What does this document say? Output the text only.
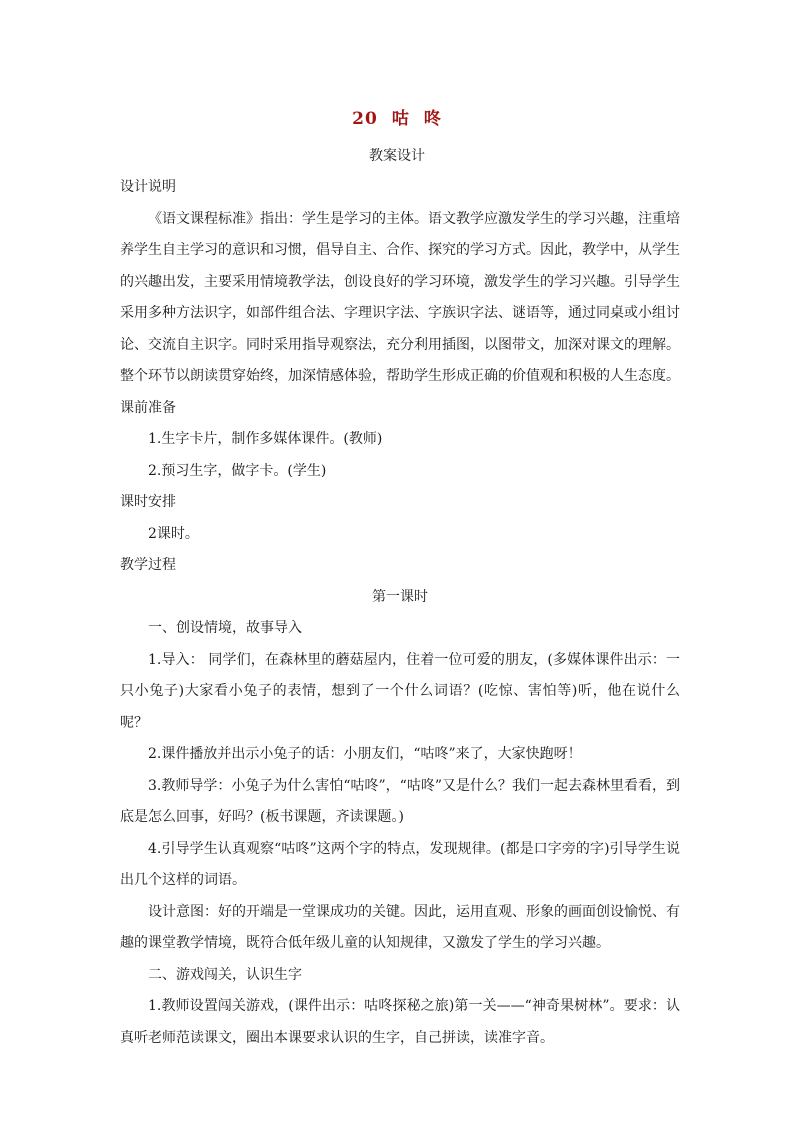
20 咕 咚
教案设计

设计说明

《语文课程标准》指出：学生是学习的主体。语文教学应激发学生的学习兴趣，注重培养学生自主学习的意识和习惯，倡导自主、合作、探究的学习方式。因此，教学中，从学生的兴趣出发，主要采用情境教学法，创设良好的学习环境，激发学生的学习兴趣。引导学生采用多种方法识字，如部件组合法、字理识字法、字族识字法、谜语等，通过同桌或小组讨论、交流自主识字。同时采用指导观察法，充分利用插图，以图带文，加深对课文的理解。整个环节以朗读贯穿始终，加深情感体验，帮助学生形成正确的价值观和积极的人生态度。

课前准备

1.生字卡片，制作多媒体课件。(教师)

2.预习生字，做字卡。(学生)

课时安排

2课时。

教学过程

第一课时

一、创设情境，故事导入

1.导入： 同学们，在森林里的蘑菇屋内，住着一位可爱的朋友，(多媒体课件出示：一只小兔子)大家看小兔子的表情，想到了一个什么词语？(吃惊、害怕等)听，他在说什么呢？

2.课件播放并出示小兔子的话：小朋友们，“咕咚”来了，大家快跑呀！

3.教师导学：小兔子为什么害怕“咕咚”，“咕咚”又是什么？我们一起去森林里看看，到底是怎么回事，好吗？(板书课题，齐读课题。)

4.引导学生认真观察“咕咚”这两个字的特点，发现规律。(都是口字旁的字)引导学生说出几个这样的词语。

设计意图：好的开端是一堂课成功的关键。因此，运用直观、形象的画面创设愉悦、有趣的课堂教学情境，既符合低年级儿童的认知规律，又激发了学生的学习兴趣。

二、游戏闯关，认识生字

1.教师设置闯关游戏，(课件出示：咕咚探秘之旅)第一关——“神奇果树林”。要求：认真听老师范读课文，圈出本课要求认识的生字，自己拼读，读准字音。
